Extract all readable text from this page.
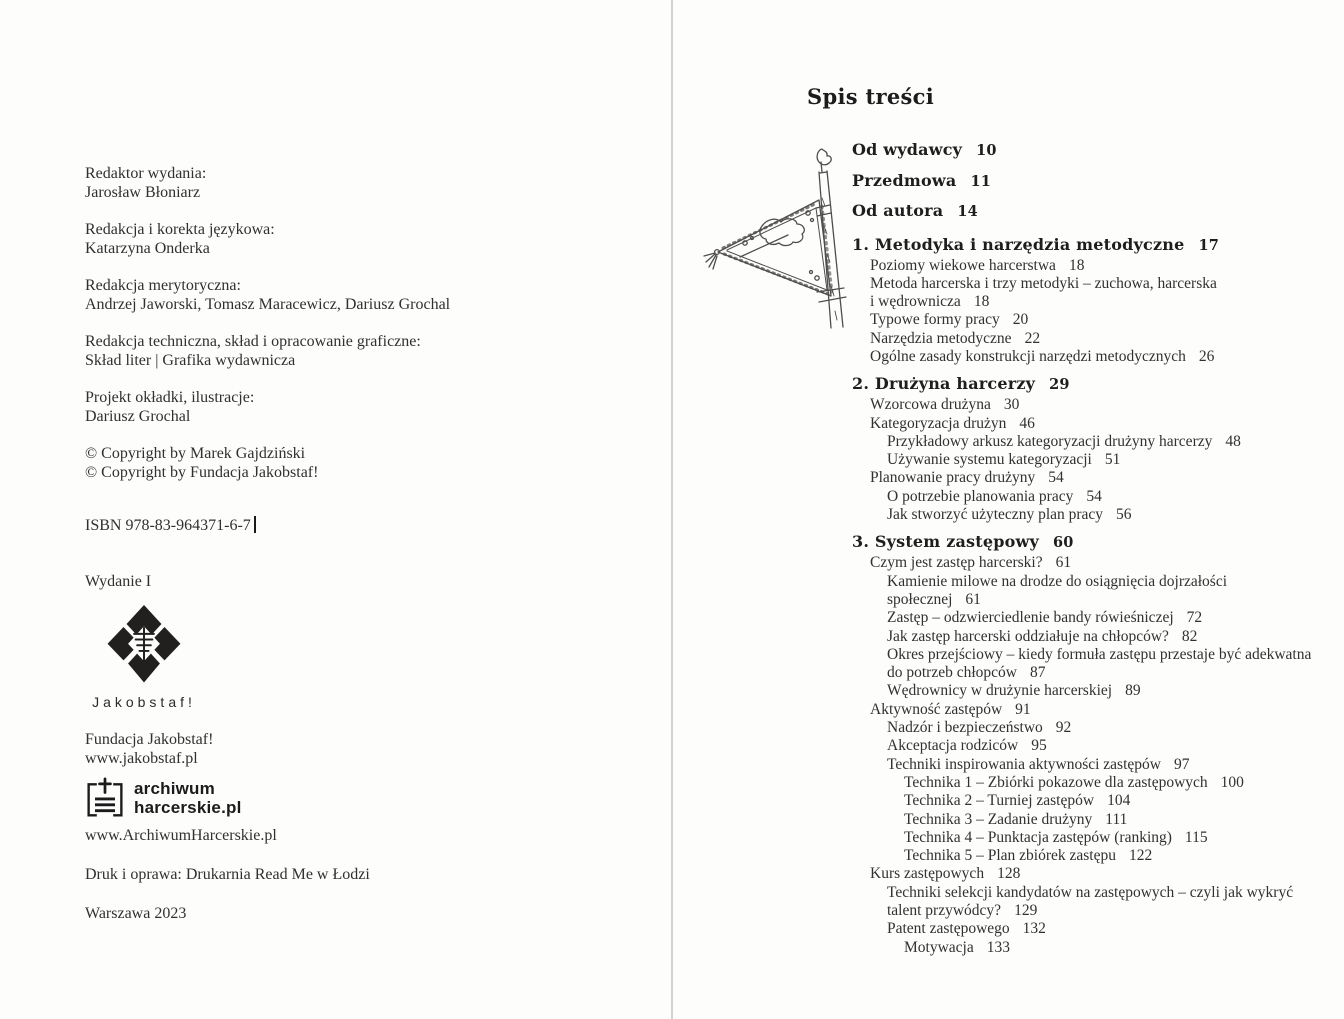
Redaktor wydania:
Jarosław Błoniarz
Redakcja i korekta językowa:
Katarzyna Onderka
Redakcja merytoryczna:
Andrzej Jaworski, Tomasz Maracewicz, Dariusz Grochal
Redakcja techniczna, skład i opracowanie graficzne:
Skład liter | Grafika wydawnicza
Projekt okładki, ilustracje:
Dariusz Grochal
© Copyright by Marek Gajdziński
© Copyright by Fundacja Jakobstaf!
ISBN 978-83-964371-6-7
Wydanie I
Jakobstaf!
Fundacja Jakobstaf!
www.jakobstaf.pl
archiwum
harcerskie.pl
www.ArchiwumHarcerskie.pl
Druk i oprawa: Drukarnia Read Me w Łodzi
Warszawa 2023
Spis treści
Od wydawcy 10
Przedmowa 11
Od autora 14
1. Metodyka i narzędzia metodyczne 17
Poziomy wiekowe harcerstwa 18
Metoda harcerska i trzy metodyki – zuchowa, harcerska
i wędrownicza 18
Typowe formy pracy 20
Narzędzia metodyczne 22
Ogólne zasady konstrukcji narzędzi metodycznych 26
2. Drużyna harcerzy 29
Wzorcowa drużyna 30
Kategoryzacja drużyn 46
Przykładowy arkusz kategoryzacji drużyny harcerzy 48
Używanie systemu kategoryzacji 51
Planowanie pracy drużyny 54
O potrzebie planowania pracy 54
Jak stworzyć użyteczny plan pracy 56
3. System zastępowy 60
Czym jest zastęp harcerski? 61
Kamienie milowe na drodze do osiągnięcia dojrzałości
społecznej 61
Zastęp – odzwierciedlenie bandy rówieśniczej 72
Jak zastęp harcerski oddziałuje na chłopców? 82
Okres przejściowy – kiedy formuła zastępu przestaje być adekwatna
do potrzeb chłopców 87
Wędrownicy w drużynie harcerskiej 89
Aktywność zastępów 91
Nadzór i bezpieczeństwo 92
Akceptacja rodziców 95
Techniki inspirowania aktywności zastępów 97
Technika 1 – Zbiórki pokazowe dla zastępowych 100
Technika 2 – Turniej zastępów 104
Technika 3 – Zadanie drużyny 111
Technika 4 – Punktacja zastępów (ranking) 115
Technika 5 – Plan zbiórek zastępu 122
Kurs zastępowych 128
Techniki selekcji kandydatów na zastępowych – czyli jak wykryć
talent przywódcy? 129
Patent zastępowego 132
Motywacja 133
